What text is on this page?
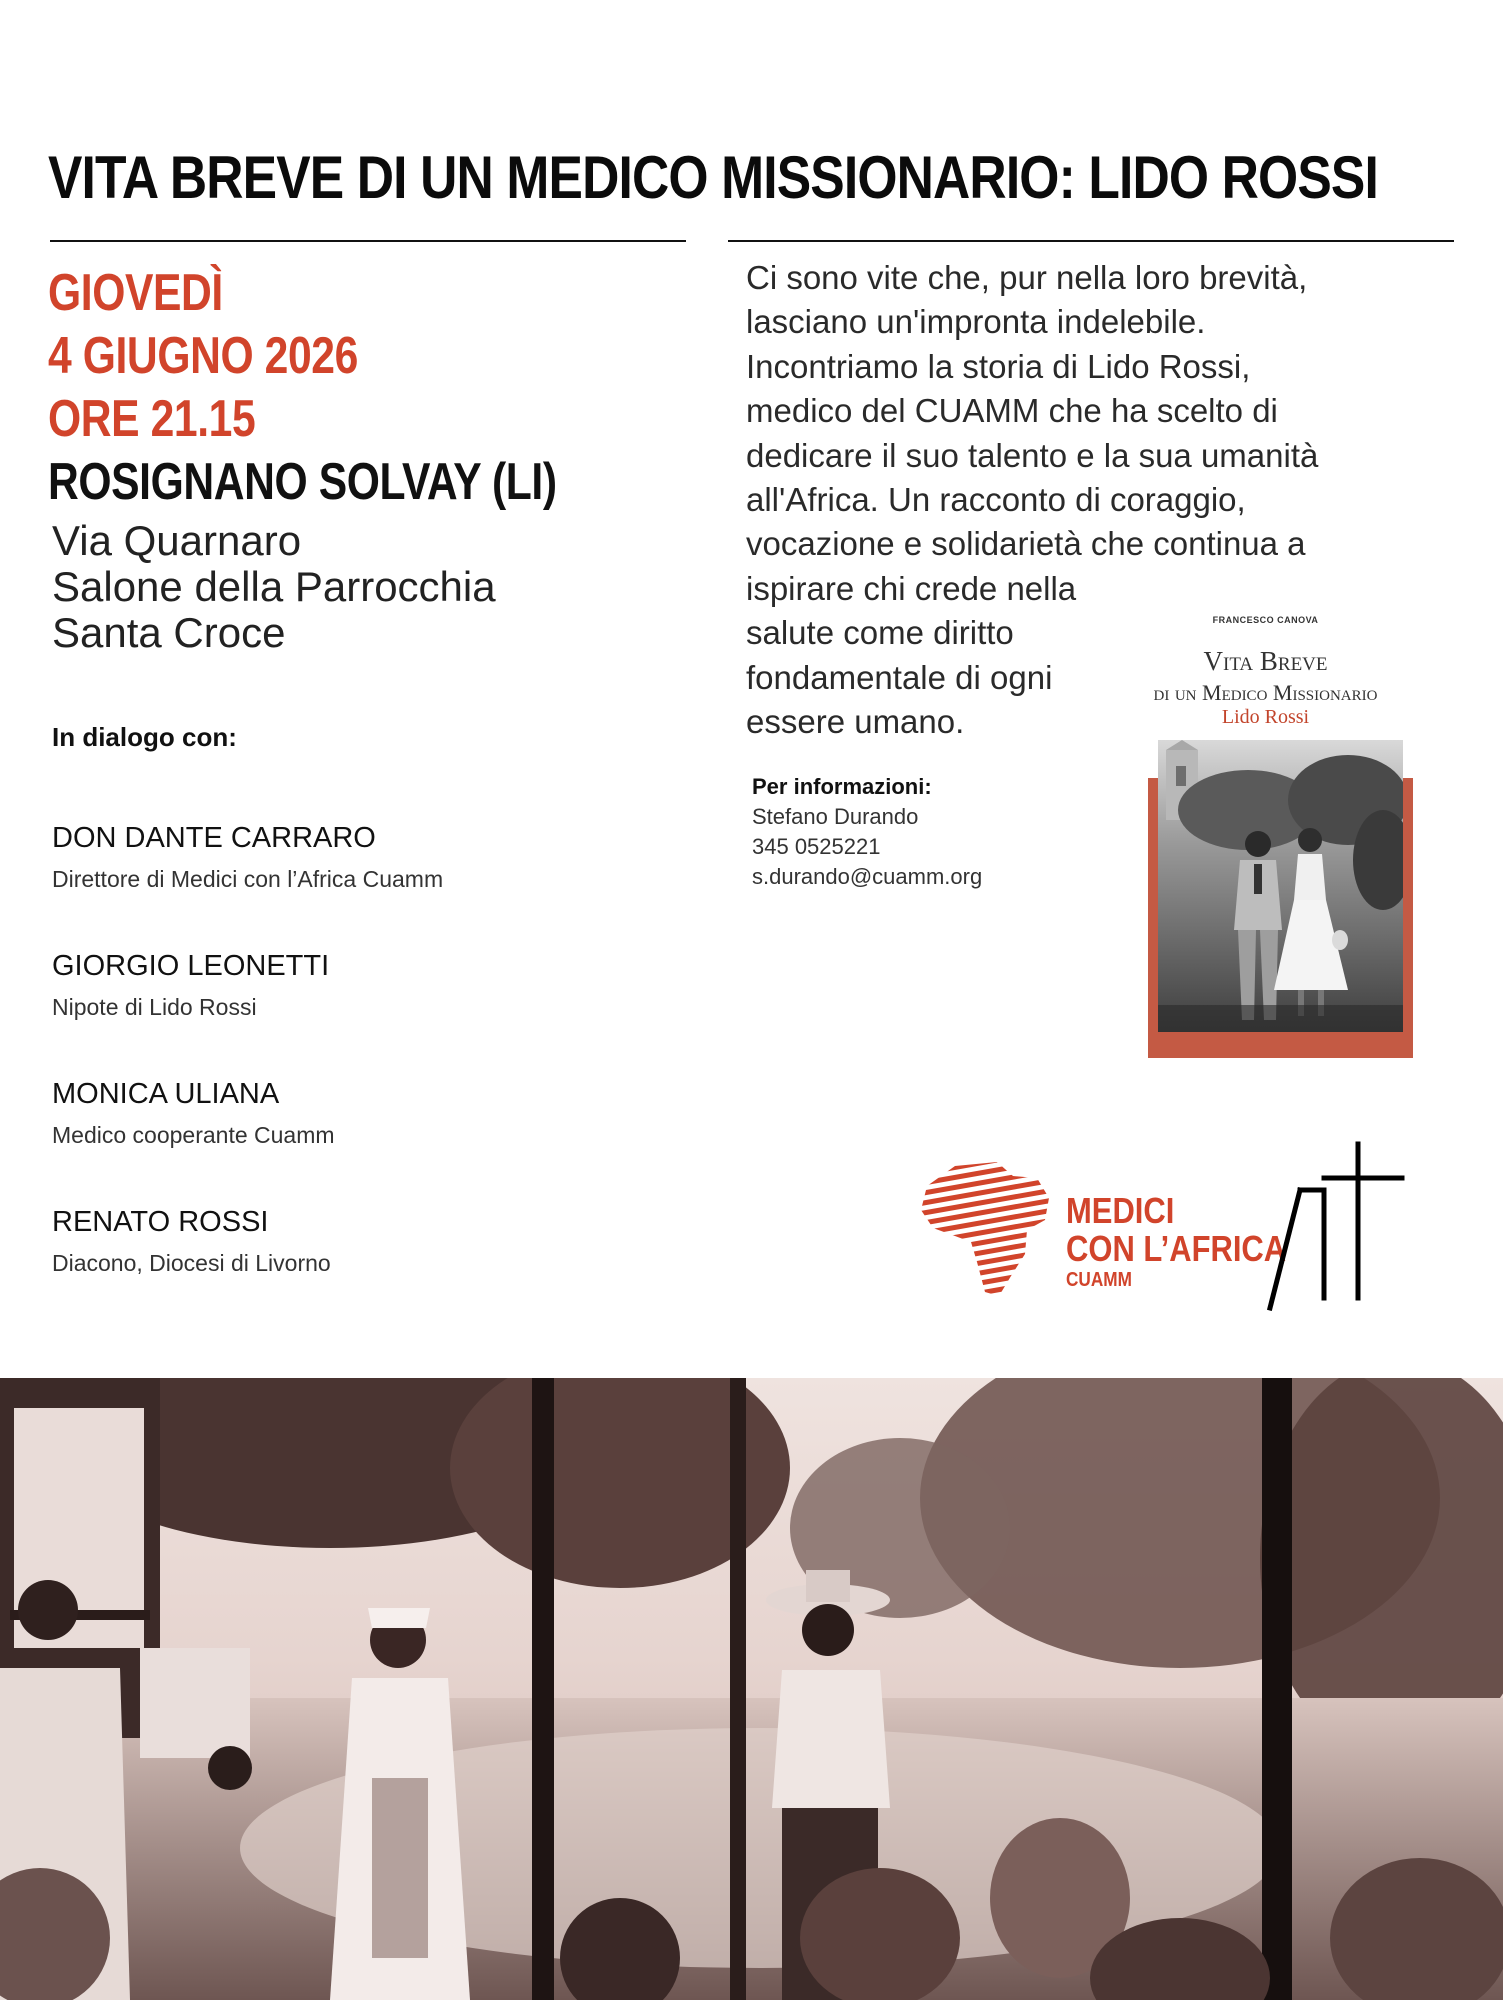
VITA BREVE DI UN MEDICO MISSIONARIO: LIDO ROSSI
GIOVEDÌ
4 GIUGNO 2026
ORE 21.15
ROSIGNANO SOLVAY (LI)
Via Quarnaro
Salone della Parrocchia
Santa Croce
In dialogo con:
DON DANTE CARRARO
Direttore di Medici con l’Africa Cuamm
GIORGIO LEONETTI
Nipote di Lido Rossi
MONICA ULIANA
Medico cooperante Cuamm
RENATO ROSSI
Diacono, Diocesi di Livorno
Ci sono vite che, pur nella loro brevità,
lasciano un'impronta indelebile.
Incontriamo la storia di Lido Rossi,
medico del CUAMM che ha scelto di
dedicare il suo talento e la sua umanità
all'Africa. Un racconto di coraggio,
vocazione e solidarietà che continua a
ispirare chi crede nella
salute come diritto
fondamentale di ogni
essere umano.
Per informazioni:
Stefano Durando
345 0525221
s.durando@cuamm.org
FRANCESCO CANOVA
Vita Breve
di un Medico Missionario
Lido Rossi
MEDICI
CON L’AFRICA
CUAMM
